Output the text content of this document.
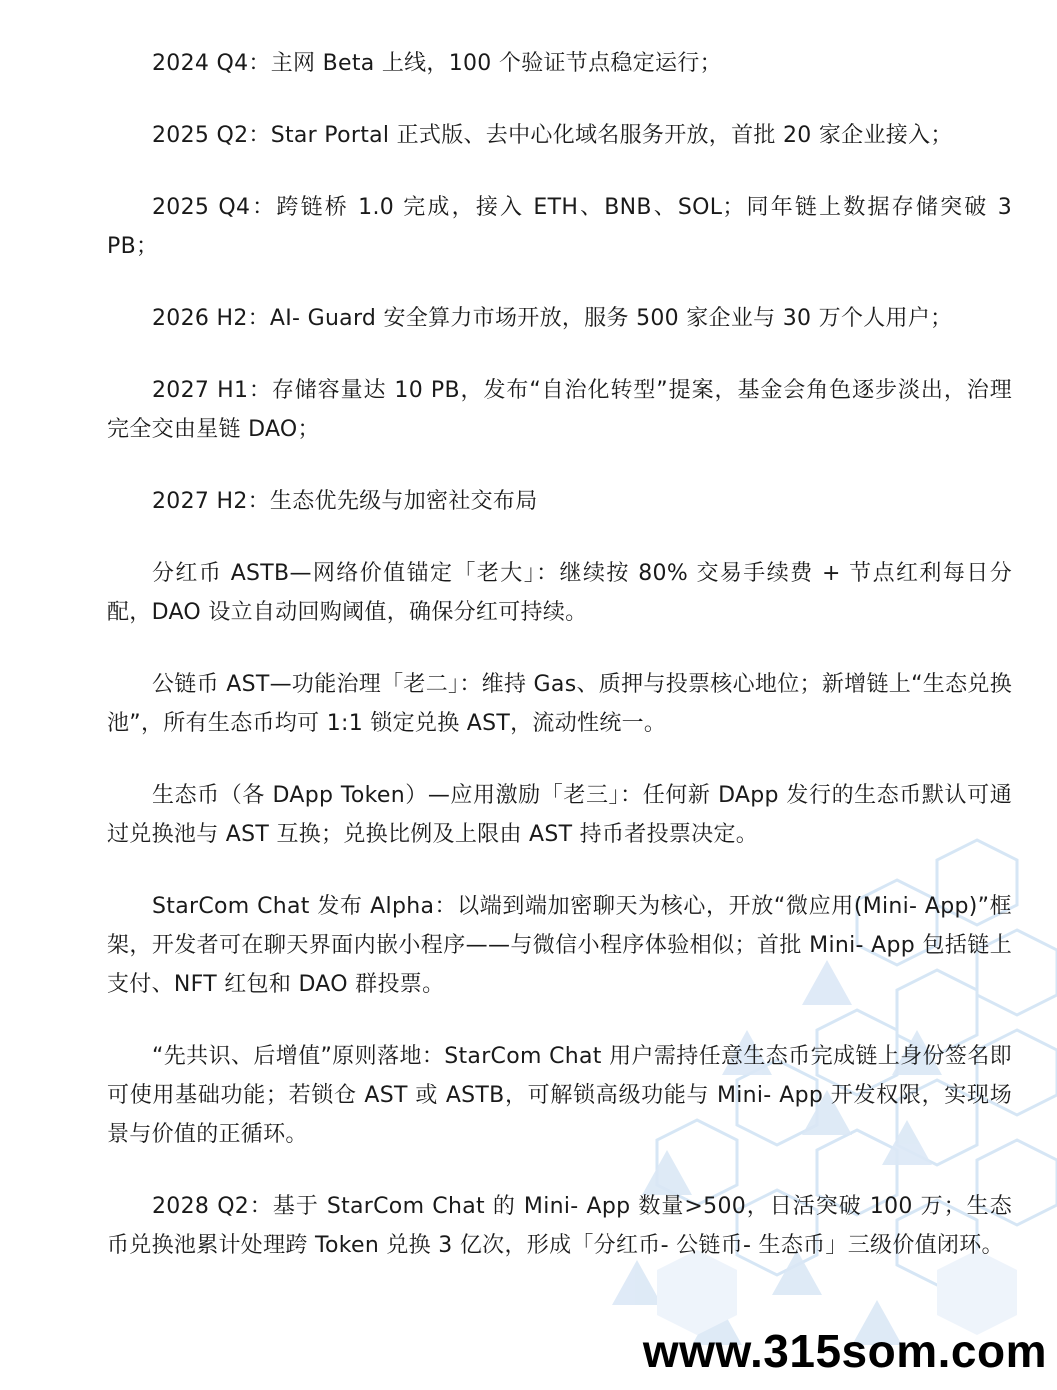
2024 Q4：主网 Beta 上线，100 个验证节点稳定运行；

2025 Q2：Star Portal 正式版、去中心化域名服务开放，首批 20 家企业接入；

2025 Q4：跨链桥 1.0 完成，接入 ETH、BNB、SOL；同年链上数据存储突破 3 PB；

2026 H2：AI- Guard 安全算力市场开放，服务 500 家企业与 30 万个人用户；

2027 H1：存储容量达 10 PB，发布“自治化转型”提案，基金会角色逐步淡出，治理完全交由星链 DAO；

2027 H2：生态优先级与加密社交布局

分红币 ASTB—网络价值锚定「老大」：继续按 80% 交易手续费 + 节点红利每日分配，DAO 设立自动回购阈值，确保分红可持续。

公链币 AST—功能治理「老二」：维持 Gas、质押与投票核心地位；新增链上“生态兑换池”，所有生态币均可 1:1 锁定兑换 AST，流动性统一。

生态币（各 DApp Token）—应用激励「老三」：任何新 DApp 发行的生态币默认可通过兑换池与 AST 互换；兑换比例及上限由 AST 持币者投票决定。

StarCom Chat 发布 Alpha：以端到端加密聊天为核心，开放“微应用(Mini- App)”框架，开发者可在聊天界面内嵌小程序——与微信小程序体验相似；首批 Mini- App 包括链上支付、NFT 红包和 DAO 群投票。

“先共识、后增值”原则落地：StarCom Chat 用户需持任意生态币完成链上身份签名即可使用基础功能；若锁仓 AST 或 ASTB，可解锁高级功能与 Mini- App 开发权限，实现场景与价值的正循环。

2028 Q2：基于 StarCom Chat 的 Mini- App 数量>500，日活突破 100 万；生态币兑换池累计处理跨 Token 兑换 3 亿次，形成「分红币- 公链币- 生态币」三级价值闭环。

www.315som.com
